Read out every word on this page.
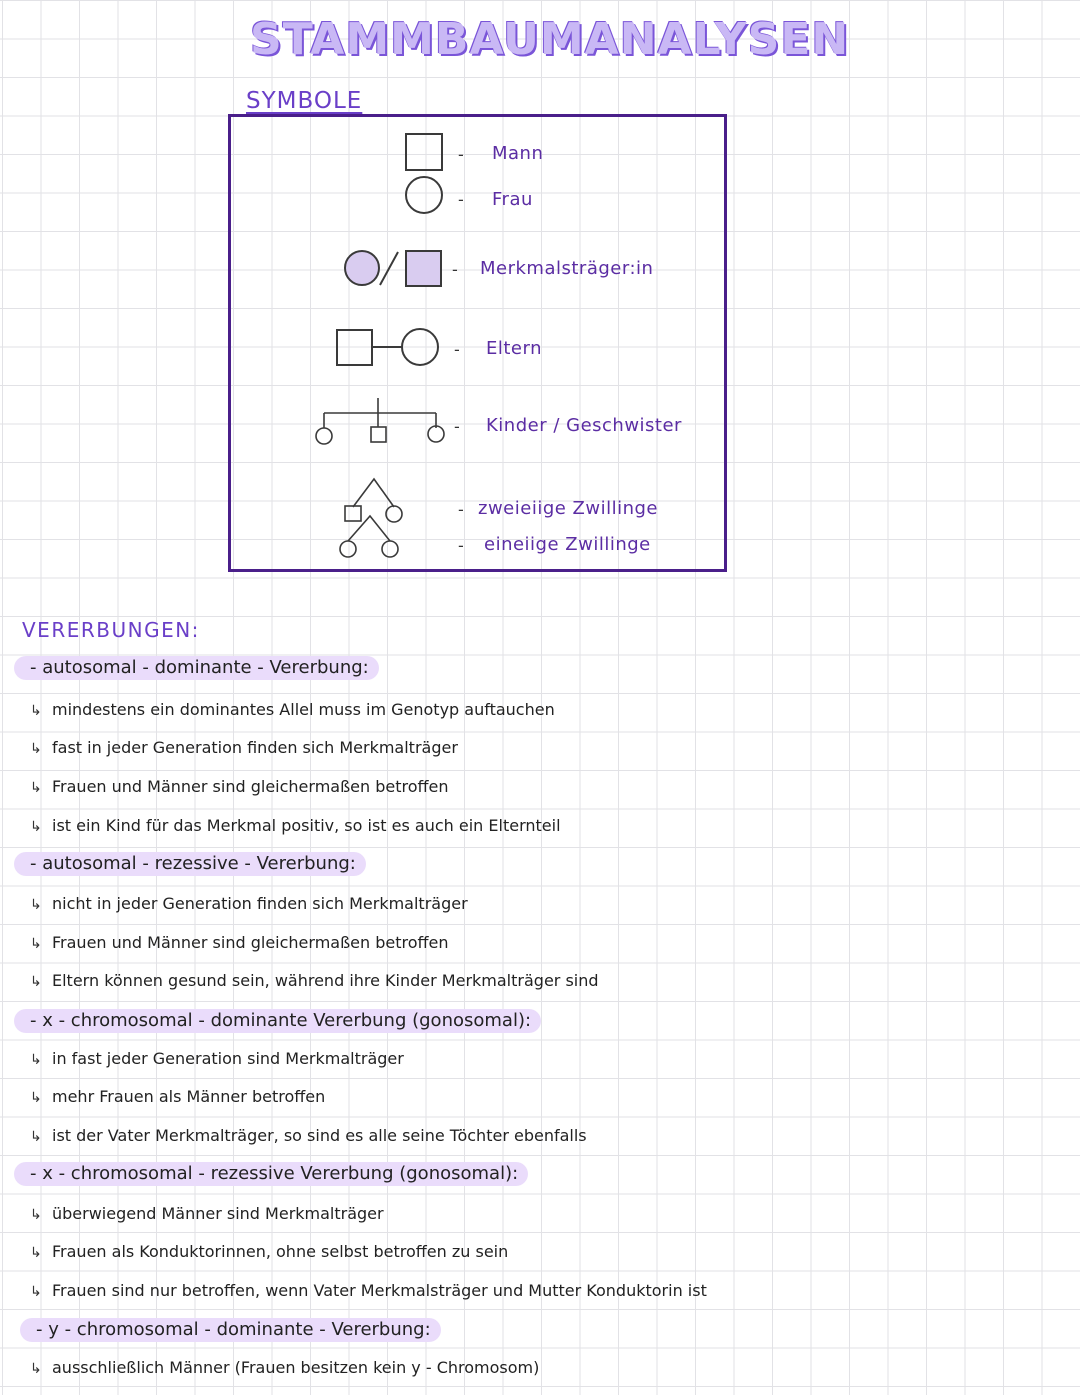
STAMMBAUMANALYSEN
SYMBOLE
- Mann
- Frau
- Merkmalsträger:in
- Eltern
- Kinder / Geschwister
- zweieiige Zwillinge
- eineiige Zwillinge
VERERBUNGEN:
- autosomal - dominante - Vererbung:
↳ mindestens ein dominantes Allel muss im Genotyp auftauchen
↳ fast in jeder Generation finden sich Merkmalträger
↳ Frauen und Männer sind gleichermaßen betroffen
↳ ist ein Kind für das Merkmal positiv, so ist es auch ein Elternteil
- autosomal - rezessive - Vererbung:
↳ nicht in jeder Generation finden sich Merkmalträger
↳ Frauen und Männer sind gleichermaßen betroffen
↳ Eltern können gesund sein, während ihre Kinder Merkmalträger sind
- x - chromosomal - dominante Vererbung (gonosomal):
↳ in fast jeder Generation sind Merkmalträger
↳ mehr Frauen als Männer betroffen
↳ ist der Vater Merkmalträger, so sind es alle seine Töchter ebenfalls
- x - chromosomal - rezessive Vererbung (gonosomal):
↳ überwiegend Männer sind Merkmalträger
↳ Frauen als Konduktorinnen, ohne selbst betroffen zu sein
↳ Frauen sind nur betroffen, wenn Vater Merkmalsträger und Mutter Konduktorin ist
- y - chromosomal - dominante - Vererbung:
↳ ausschließlich Männer (Frauen besitzen kein y - Chromosom)
